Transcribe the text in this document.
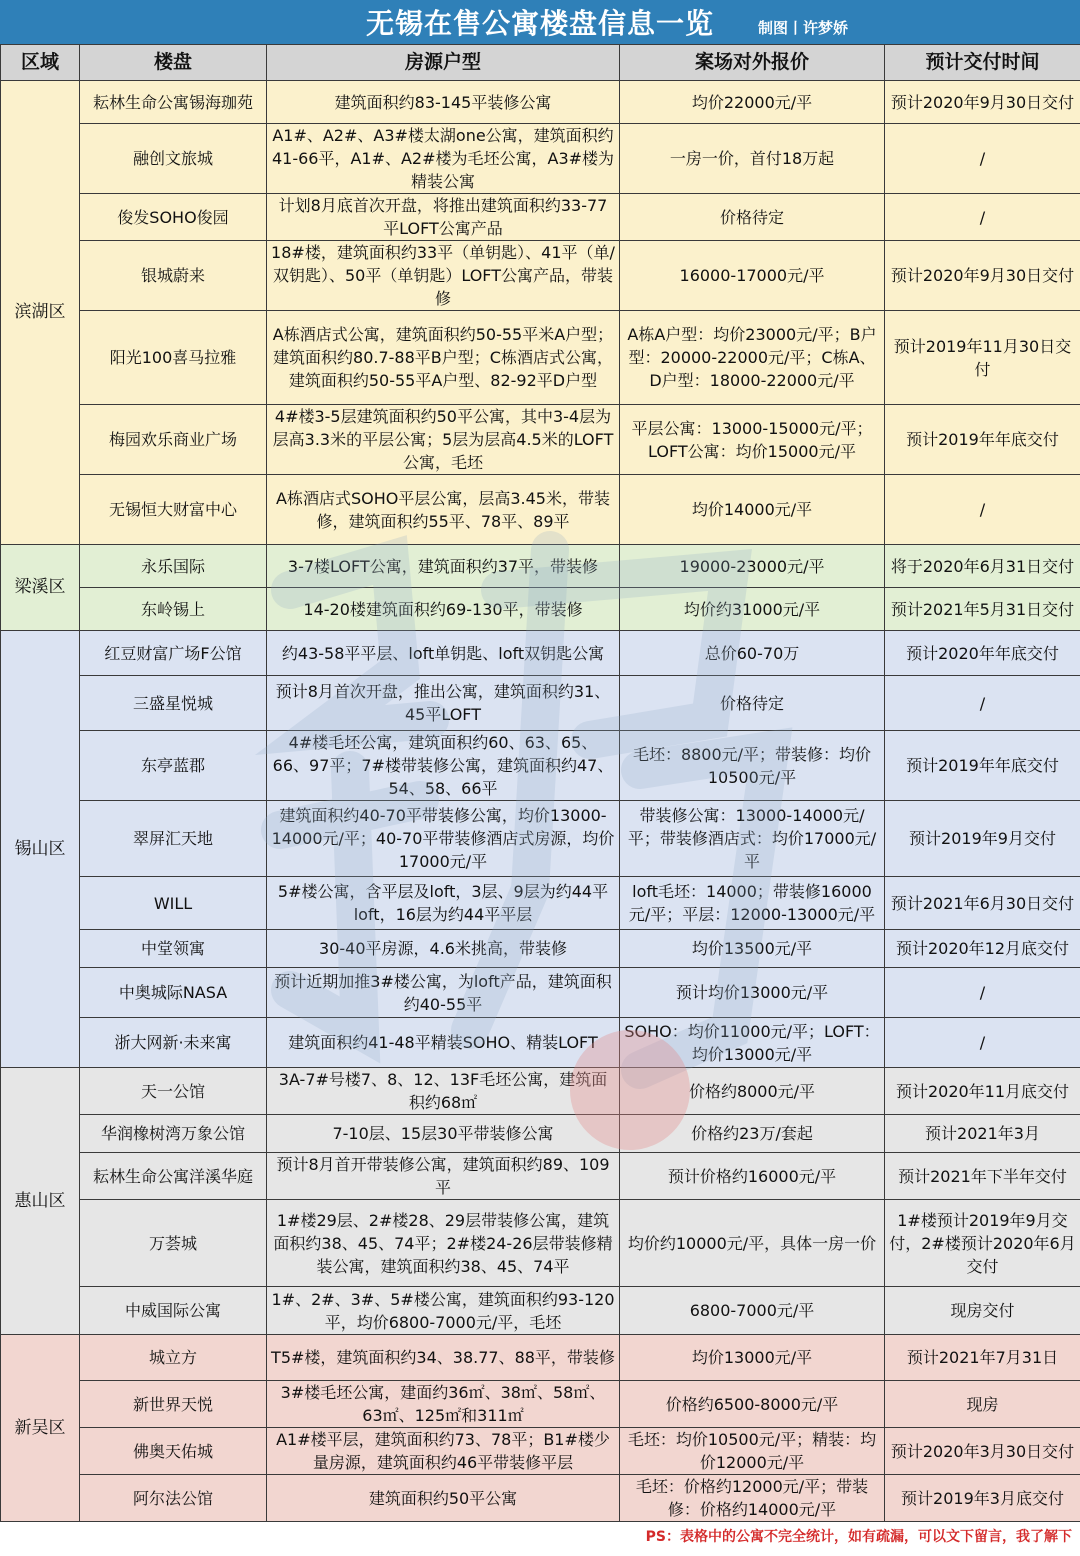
无锡在售公寓楼盘信息一览	制图丨许梦娇
区域	楼盘	房源户型	案场对外报价	预计交付时间
滨湖区	耘林生命公寓锡海珈苑	建筑面积约83-145平装修公寓	均价22000元/平	预计2020年9月30日交付
	融创文旅城	A1#、A2#、A3#楼太湖one公寓，建筑面积约41-66平，A1#、A2#楼为毛坯公寓，A3#楼为精装公寓	一房一价，首付18万起	/
	俊发SOHO俊园	计划8月底首次开盘，将推出建筑面积约33-77平LOFT公寓产品	价格待定	/
	银城蔚来	18#楼，建筑面积约33平（单钥匙）、41平（单/双钥匙）、50平（单钥匙）LOFT公寓产品，带装修	16000-17000元/平	预计2020年9月30日交付
	阳光100喜马拉雅	A栋酒店式公寓，建筑面积约50-55平米A户型；建筑面积约80.7-88平B户型；C栋酒店式公寓，建筑面积约50-55平A户型、82-92平D户型	A栋A户型：均价23000元/平；B户型：20000-22000元/平；C栋A、D户型：18000-22000元/平	预计2019年11月30日交付
	梅园欢乐商业广场	4#楼3-5层建筑面积约50平公寓，其中3-4层为层高3.3米的平层公寓；5层为层高4.5米的LOFT公寓，毛坯	平层公寓：13000-15000元/平；LOFT公寓：均价15000元/平	预计2019年年底交付
	无锡恒大财富中心	A栋酒店式SOHO平层公寓，层高3.45米，带装修，建筑面积约55平、78平、89平	均价14000元/平	/
梁溪区	永乐国际	3-7楼LOFT公寓，建筑面积约37平，带装修	19000-23000元/平	将于2020年6月31日交付
	东岭锡上	14-20楼建筑面积约69-130平，带装修	均价约31000元/平	预计2021年5月31日交付
锡山区	红豆财富广场F公馆	约43-58平平层、loft单钥匙、loft双钥匙公寓	总价60-70万	预计2020年年底交付
	三盛星悦城	预计8月首次开盘，推出公寓，建筑面积约31、45平LOFT	价格待定	/
	东亭蓝郡	4#楼毛坯公寓，建筑面积约60、63、65、66、97平；7#楼带装修公寓，建筑面积约47、54、58、66平	毛坯：8800元/平；带装修：均价10500元/平	预计2019年年底交付
	翠屏汇天地	建筑面积约40-70平带装修公寓，均价13000-14000元/平；40-70平带装修酒店式房源，均价17000元/平	带装修公寓：13000-14000元/平；带装修酒店式：均价17000元/平	预计2019年9月交付
	WILL	5#楼公寓，含平层及loft，3层、9层为约44平loft，16层为约44平平层	loft毛坯：14000；带装修16000元/平；平层：12000-13000元/平	预计2021年6月30日交付
	中堂领寓	30-40平房源，4.6米挑高，带装修	均价13500元/平	预计2020年12月底交付
	中奥城际NASA	预计近期加推3#楼公寓，为loft产品，建筑面积约40-55平	预计均价13000元/平	/
	浙大网新·未来寓	建筑面积约41-48平精装SOHO、精装LOFT	SOHO：均价11000元/平；LOFT：均价13000元/平	/
惠山区	天一公馆	3A-7#号楼7、8、12、13F毛坯公寓，建筑面积约68㎡	价格约8000元/平	预计2020年11月底交付
	华润橡树湾万象公馆	7-10层、15层30平带装修公寓	价格约23万/套起	预计2021年3月
	耘林生命公寓洋溪华庭	预计8月首开带装修公寓，建筑面积约89、109平	预计价格约16000元/平	预计2021年下半年交付
	万荟城	1#楼29层、2#楼28、29层带装修公寓，建筑面积约38、45、74平；2#楼24-26层带装修精装公寓，建筑面积约38、45、74平	均价约10000元/平，具体一房一价	1#楼预计2019年9月交付，2#楼预计2020年6月交付
	中威国际公寓	1#、2#、3#、5#楼公寓，建筑面积约93-120平，均价6800-7000元/平，毛坯	6800-7000元/平	现房交付
新吴区	城立方	T5#楼，建筑面积约34、38.77、88平，带装修	均价13000元/平	预计2021年7月31日
	新世界天悦	3#楼毛坯公寓，建面约36㎡、38㎡、58㎡、63㎡、125㎡和311㎡	价格约6500-8000元/平	现房
	佛奥天佑城	A1#楼平层，建筑面积约73、78平；B1#楼少量房源，建筑面积约46平带装修平层	毛坯：均价10500元/平；精装：均价12000元/平	预计2020年3月30日交付
	阿尔法公馆	建筑面积约50平公寓	毛坯：价格约12000元/平；带装修：价格约14000元/平	预计2019年3月底交付
PS：表格中的公寓不完全统计，如有疏漏，可以文下留言，我了解下
